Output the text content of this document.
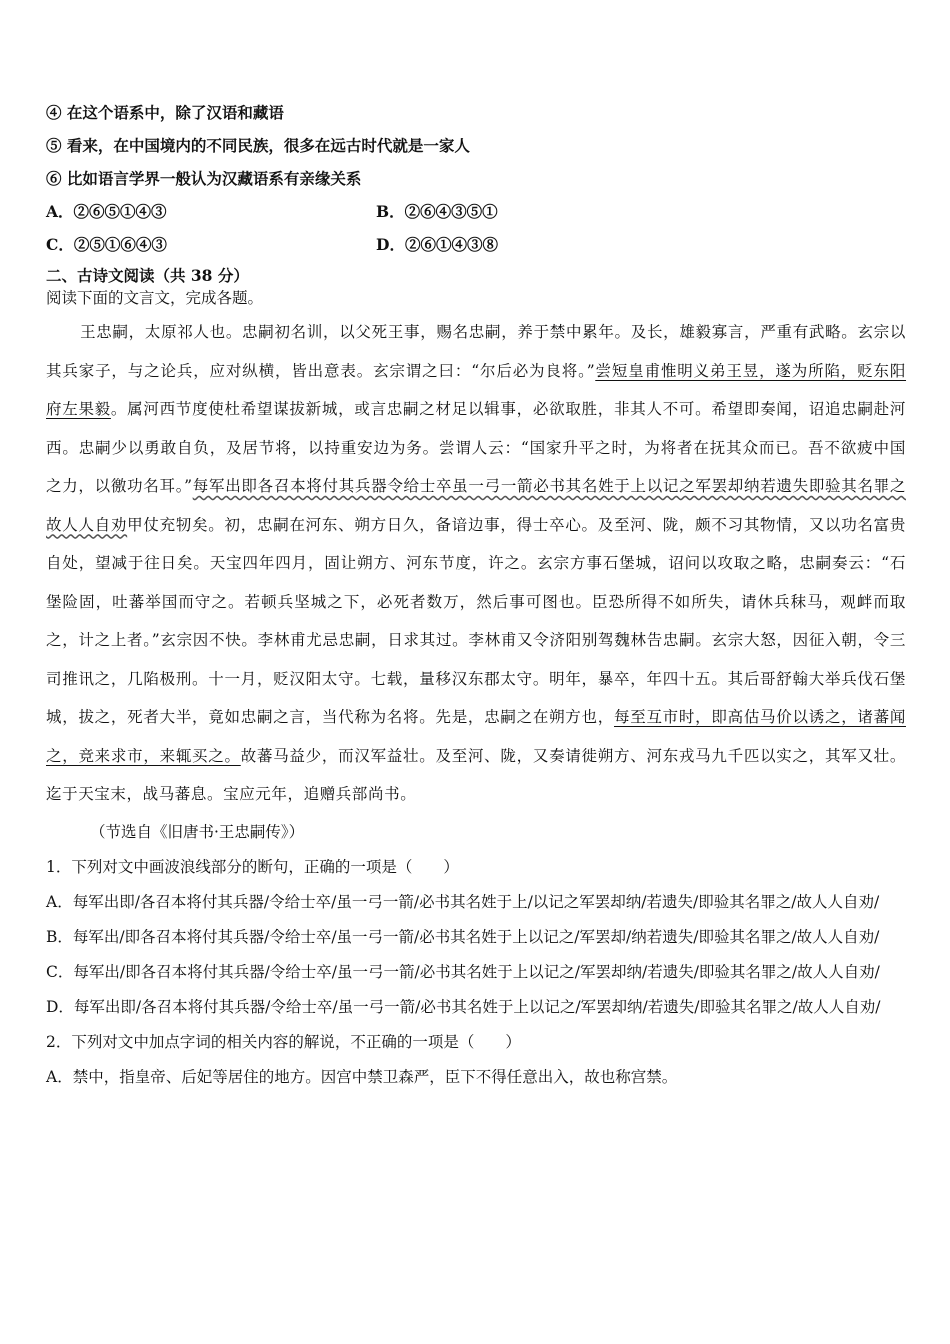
④ 在这个语系中，除了汉语和藏语
⑤ 看来，在中国境内的不同民族，很多在远古时代就是一家人
⑥ 比如语言学界一般认为汉藏语系有亲缘关系
A．②⑥⑤①④③	B．②⑥④③⑤①
C．②⑤①⑥④③	D．②⑥①④③⑧
二、古诗文阅读（共 38 分）
阅读下面的文言文，完成各题。
王忠嗣，太原祁人也。忠嗣初名训，以父死王事，赐名忠嗣，养于禁中累年。及长，雄毅寡言，严重有武略。玄宗以其兵家子，与之论兵，应对纵横，皆出意表。玄宗谓之曰：“尔后必为良将。”尝短皇甫惟明义弟王昱，遂为所陷，贬东阳府左果毅。属河西节度使杜希望谋拔新城，或言忠嗣之材足以辑事，必欲取胜，非其人不可。希望即奏闻，诏追忠嗣赴河西。忠嗣少以勇敢自负，及居节将，以持重安边为务。尝谓人云：“国家升平之时，为将者在抚其众而已。吾不欲疲中国之力，以徼功名耳。”每军出即各召本将付其兵器令给士卒虽一弓一箭必书其名姓于上以记之军罢却纳若遗失即验其名罪之故人人自劝甲仗充牣矣。初，忠嗣在河东、朔方日久，备谙边事，得士卒心。及至河、陇，颇不习其物情，又以功名富贵自处，望减于往日矣。天宝四年四月，固让朔方、河东节度，许之。玄宗方事石堡城，诏问以攻取之略，忠嗣奏云：“石堡险固，吐蕃举国而守之。若顿兵坚城之下，必死者数万，然后事可图也。臣恐所得不如所失，请休兵秣马，观衅而取之，计之上者。”玄宗因不快。李林甫尤忌忠嗣，日求其过。李林甫又令济阳别驾魏林告忠嗣。玄宗大怒，因征入朝，令三司推讯之，几陷极刑。十一月，贬汉阳太守。七载，量移汉东郡太守。明年，暴卒，年四十五。其后哥舒翰大举兵伐石堡城，拔之，死者大半，竟如忠嗣之言，当代称为名将。先是，忠嗣之在朔方也，每至互市时，即高估马价以诱之，诸蕃闻之，竞来求市，来辄买之。故蕃马益少，而汉军益壮。及至河、陇，又奏请徙朔方、河东戎马九千匹以实之，其军又壮。迄于天宝末，战马蕃息。宝应元年，追赠兵部尚书。
（节选自《旧唐书·王忠嗣传》）
1．下列对文中画波浪线部分的断句，正确的一项是（　　）
A．每军出即/各召本将付其兵器/令给士卒/虽一弓一箭/必书其名姓于上/以记之军罢却纳/若遗失/即验其名罪之/故人人自劝/
B．每军出/即各召本将付其兵器/令给士卒/虽一弓一箭/必书其名姓于上以记之/军罢却/纳若遗失/即验其名罪之/故人人自劝/
C．每军出/即各召本将付其兵器/令给士卒/虽一弓一箭/必书其名姓于上以记之/军罢却纳/若遗失/即验其名罪之/故人人自劝/
D．每军出即/各召本将付其兵器/令给士卒/虽一弓一箭/必书其名姓于上以记之/军罢却纳/若遗失/即验其名罪之/故人人自劝/
2．下列对文中加点字词的相关内容的解说，不正确的一项是（　　）
A．禁中，指皇帝、后妃等居住的地方。因宫中禁卫森严，臣下不得任意出入，故也称宫禁。
